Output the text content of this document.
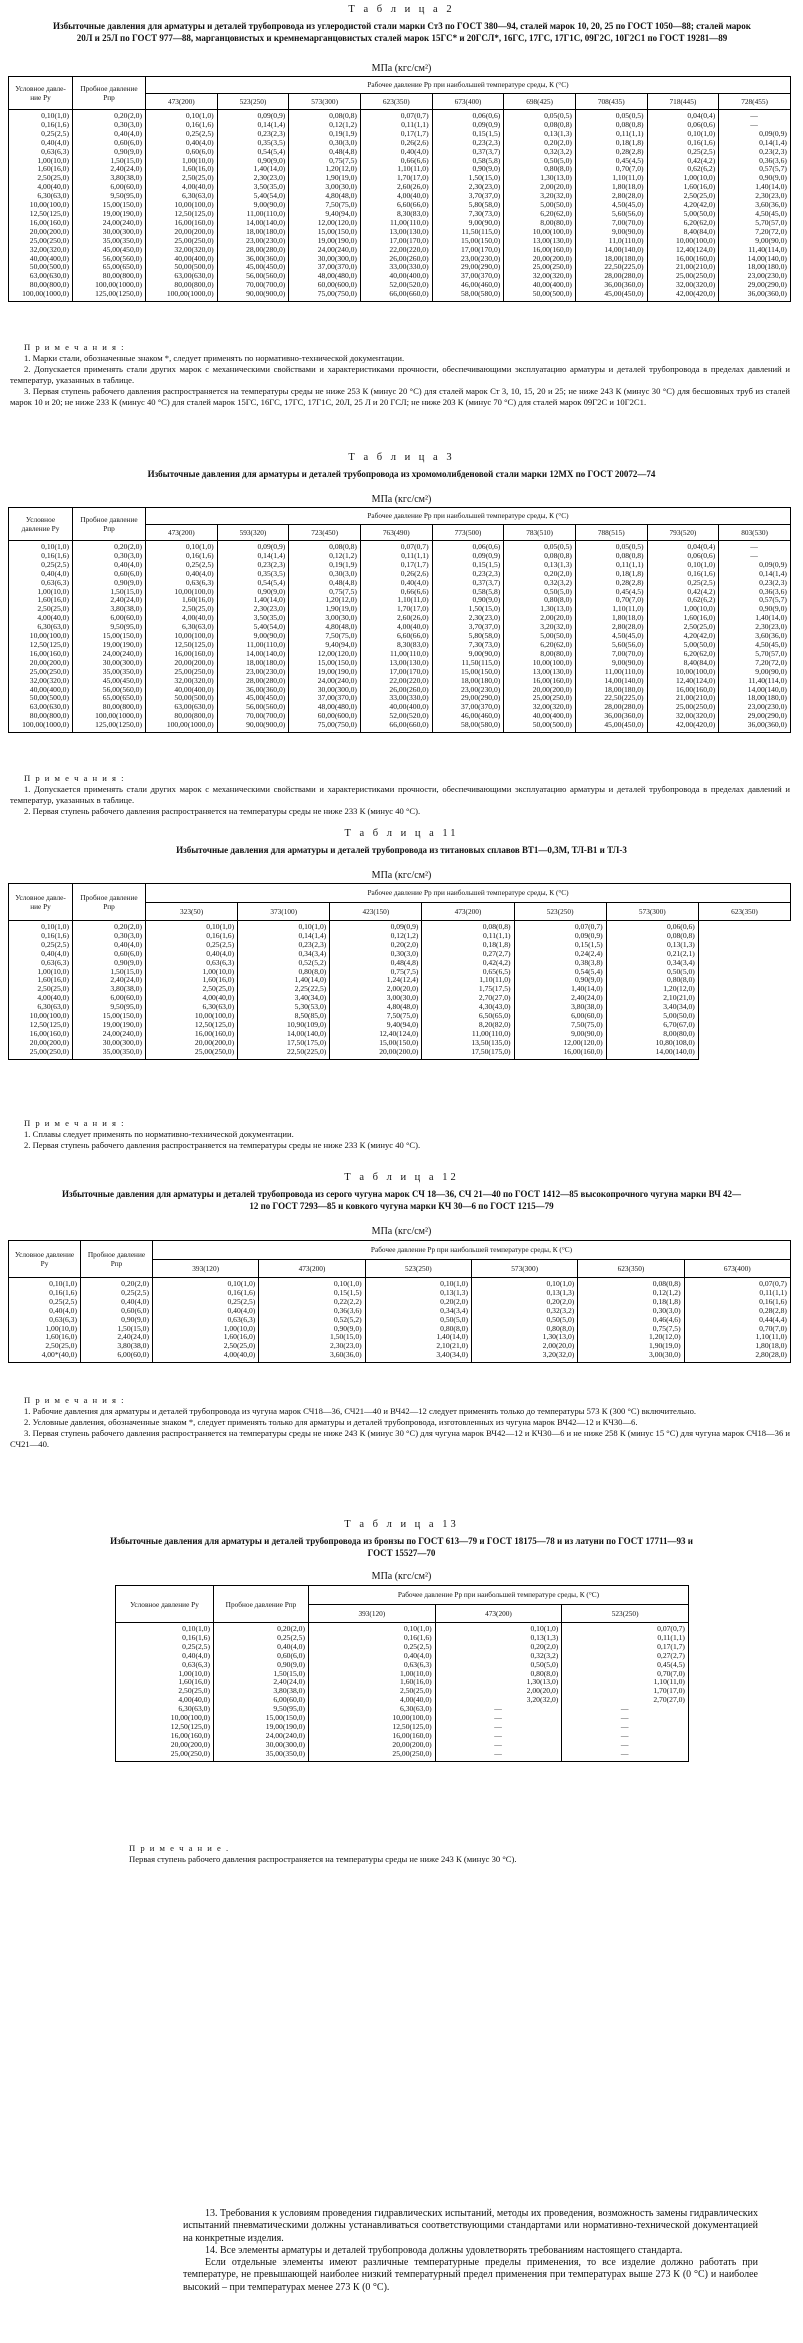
Т а б л и ц а 2
Избыточные давления для арматуры и деталей трубопровода из углеродистой стали марки Ст3 по ГОСТ 380—94, сталей марок 10, 20, 25 по ГОСТ 1050—88; сталей марок 20Л и 25Л по ГОСТ 977—88, марганцовистых и кремнемарганцовистых сталей марок 15ГС* и 20ГСЛ*, 16ГС, 17ГС, 17Г1С, 09Г2С, 10Г2С1 по ГОСТ 19281—89
МПа (кгс/см²)
Условное давле-ние Pу	Пробное давление Pпр	Рабочее давление Pр при наибольшей температуре среды, К (°С)								
		473(200)	523(250)	573(300)	623(350)	673(400)	698(425)	708(435)	718(445)	728(455)
0,10(1,0)	0,20(2,0)	0,10(1,0)	0,09(0,9)	0,08(0,8)	0,07(0,7)	0,06(0,6)	0,05(0,5)	0,05(0,5)	0,04(0,4)	—
0,16(1,6)	0,30(3,0)	0,16(1,6)	0,14(1,4)	0,12(1,2)	0,11(1,1)	0,09(0,9)	0,08(0,8)	0,08(0,8)	0,06(0,6)	—
0,25(2,5)	0,40(4,0)	0,25(2,5)	0,23(2,3)	0,19(1,9)	0,17(1,7)	0,15(1,5)	0,13(1,3)	0,11(1,1)	0,10(1,0)	0,09(0,9)
0,40(4,0)	0,60(6,0)	0,40(4,0)	0,35(3,5)	0,30(3,0)	0,26(2,6)	0,23(2,3)	0,20(2,0)	0,18(1,8)	0,16(1,6)	0,14(1,4)
0,63(6,3)	0,90(9,0)	0,60(6,0)	0,54(5,4)	0,48(4,8)	0,40(4,0)	0,37(3,7)	0,32(3,2)	0,28(2,8)	0,25(2,5)	0,23(2,3)
1,00(10,0)	1,50(15,0)	1,00(10,0)	0,90(9,0)	0,75(7,5)	0,66(6,6)	0,58(5,8)	0,50(5,0)	0,45(4,5)	0,42(4,2)	0,36(3,6)
1,60(16,0)	2,40(24,0)	1,60(16,0)	1,40(14,0)	1,20(12,0)	1,10(11,0)	0,90(9,0)	0,80(8,0)	0,70(7,0)	0,62(6,2)	0,57(5,7)
2,50(25,0)	3,80(38,0)	2,50(25,0)	2,30(23,0)	1,90(19,0)	1,70(17,0)	1,50(15,0)	1,30(13,0)	1,10(11,0)	1,00(10,0)	0,90(9,0)
4,00(40,0)	6,00(60,0)	4,00(40,0)	3,50(35,0)	3,00(30,0)	2,60(26,0)	2,30(23,0)	2,00(20,0)	1,80(18,0)	1,60(16,0)	1,40(14,0)
6,30(63,0)	9,50(95,0)	6,30(63,0)	5,40(54,0)	4,80(48,0)	4,00(40,0)	3,70(37,0)	3,20(32,0)	2,80(28,0)	2,50(25,0)	2,30(23,0)
10,00(100,0)	15,00(150,0)	10,00(100,0)	9,00(90,0)	7,50(75,0)	6,60(66,0)	5,80(58,0)	5,00(50,0)	4,50(45,0)	4,20(42,0)	3,60(36,0)
12,50(125,0)	19,00(190,0)	12,50(125,0)	11,00(110,0)	9,40(94,0)	8,30(83,0)	7,30(73,0)	6,20(62,0)	5,60(56,0)	5,00(50,0)	4,50(45,0)
16,00(160,0)	24,00(240,0)	16,00(160,0)	14,00(140,0)	12,00(120,0)	11,00(110,0)	9,00(90,0)	8,00(80,0)	7,00(70,0)	6,20(62,0)	5,70(57,0)
20,00(200,0)	30,00(300,0)	20,00(200,0)	18,00(180,0)	15,00(150,0)	13,00(130,0)	11,50(115,0)	10,00(100,0)	9,00(90,0)	8,40(84,0)	7,20(72,0)
25,00(250,0)	35,00(350,0)	25,00(250,0)	23,00(230,0)	19,00(190,0)	17,00(170,0)	15,00(150,0)	13,00(130,0)	11,0(110,0)	10,00(100,0)	9,00(90,0)
32,00(320,0)	45,00(450,0)	32,00(320,0)	28,00(280,0)	24,00(240,0)	22,00(220,0)	17,00(170,0)	16,00(160,0)	14,00(140,0)	12,40(124,0)	11,40(114,0)
40,00(400,0)	56,00(560,0)	40,00(400,0)	36,00(360,0)	30,00(300,0)	26,00(260,0)	23,00(230,0)	20,00(200,0)	18,00(180,0)	16,00(160,0)	14,00(140,0)
50,00(500,0)	65,00(650,0)	50,00(500,0)	45,00(450,0)	37,00(370,0)	33,00(330,0)	29,00(290,0)	25,00(250,0)	22,50(225,0)	21,00(210,0)	18,00(180,0)
63,00(630,0)	80,00(800,0)	63,00(630,0)	56,00(560,0)	48,00(480,0)	40,00(400,0)	37,00(370,0)	32,00(320,0)	28,00(280,0)	25,00(250,0)	23,00(230,0)
80,00(800,0)	100,00(1000,0)	80,00(800,0)	70,00(700,0)	60,00(600,0)	52,00(520,0)	46,00(460,0)	40,00(400,0)	36,00(360,0)	32,00(320,0)	29,00(290,0)
100,00(1000,0)	125,00(1250,0)	100,00(1000,0)	90,00(900,0)	75,00(750,0)	66,00(660,0)	58,00(580,0)	50,00(500,0)	45,00(450,0)	42,00(420,0)	36,00(360,0)

П р и м е ч а н и я :

1. Марки стали, обозначенные знаком *, следует применять по нормативно-технической документации.

2. Допускается применять стали других марок с механическими свойствами и характеристиками прочности, обеспечивающими эксплуатацию арматуры и деталей трубопровода в пределах давлений и температур, указанных в таблице.

3. Первая ступень рабочего давления распространяется на температуры среды не ниже 253 К (минус 20 °С) для сталей марок Ст 3, 10, 15, 20 и 25; не ниже 243 К (минус 30 °С) для бесшовных труб из сталей марок 10 и 20; не ниже 233 К (минус 40 °С) для сталей марок 15ГС, 16ГС, 17ГС, 17Г1С, 20Л, 25 Л и 20 ГСЛ; не ниже 203 К (минус 70 °С) для сталей марок 09Г2С и 10Г2С1.

Т а б л и ц а 3
Избыточные давления для арматуры и деталей трубопровода из хромомолибденовой стали марки 12МХ по ГОСТ 20072—74
МПа (кгс/см²)
Условное давление Pу	Пробное давление Pпр	Рабочее давление Pр при наибольшей температуре среды, К (°С)								
		473(200)	593(320)	723(450)	763(490)	773(500)	783(510)	788(515)	793(520)	803(530)
0,10(1,0)	0,20(2,0)	0,10(1,0)	0,09(0,9)	0,08(0,8)	0,07(0,7)	0,06(0,6)	0,05(0,5)	0,05(0,5)	0,04(0,4)	—
0,16(1,6)	0,30(3,0)	0,16(1,6)	0,14(1,4)	0,12(1,2)	0,11(1,1)	0,09(0,9)	0,08(0,8)	0,08(0,8)	0,06(0,6)	—
0,25(2,5)	0,40(4,0)	0,25(2,5)	0,23(2,3)	0,19(1,9)	0,17(1,7)	0,15(1,5)	0,13(1,3)	0,11(1,1)	0,10(1,0)	0,09(0,9)
0,40(4,0)	0,60(6,0)	0,40(4,0)	0,35(3,5)	0,30(3,0)	0,26(2,6)	0,23(2,3)	0,20(2,0)	0,18(1,8)	0,16(1,6)	0,14(1,4)
0,63(6,3)	0,90(9,0)	0,63(6,3)	0,54(5,4)	0,48(4,8)	0,40(4,0)	0,37(3,7)	0,32(3,2)	0,28(2,8)	0,25(2,5)	0,23(2,3)
1,00(10,0)	1,50(15,0)	10,00(100,0)	0,90(9,0)	0,75(7,5)	0,66(6,6)	0,58(5,8)	0,50(5,0)	0,45(4,5)	0,42(4,2)	0,36(3,6)
1,60(16,0)	2,40(24,0)	1,60(16,0)	1,40(14,0)	1,20(12,0)	1,10(11,0)	0,90(9,0)	0,80(8,0)	0,70(7,0)	0,62(6,2)	0,57(5,7)
2,50(25,0)	3,80(38,0)	2,50(25,0)	2,30(23,0)	1,90(19,0)	1,70(17,0)	1,50(15,0)	1,30(13,0)	1,10(11,0)	1,00(10,0)	0,90(9,0)
4,00(40,0)	6,00(60,0)	4,00(40,0)	3,50(35,0)	3,00(30,0)	2,60(26,0)	2,30(23,0)	2,00(20,0)	1,80(18,0)	1,60(16,0)	1,40(14,0)
6,30(63,0)	9,50(95,0)	6,30(63,0)	5,40(54,0)	4,80(48,0)	4,00(40,0)	3,70(37,0)	3,20(32,0)	2,80(28,0)	2,50(25,0)	2,30(23,0)
10,00(100,0)	15,00(150,0)	10,00(100,0)	9,00(90,0)	7,50(75,0)	6,60(66,0)	5,80(58,0)	5,00(50,0)	4,50(45,0)	4,20(42,0)	3,60(36,0)
12,50(125,0)	19,00(190,0)	12,50(125,0)	11,00(110,0)	9,40(94,0)	8,30(83,0)	7,30(73,0)	6,20(62,0)	5,60(56,0)	5,00(50,0)	4,50(45,0)
16,00(160,0)	24,00(240,0)	16,00(160,0)	14,00(140,0)	12,00(120,0)	11,00(110,0)	9,00(90,0)	8,00(80,0)	7,00(70,0)	6,20(62,0)	5,70(57,0)
20,00(200,0)	30,00(300,0)	20,00(200,0)	18,00(180,0)	15,00(150,0)	13,00(130,0)	11,50(115,0)	10,00(100,0)	9,00(90,0)	8,40(84,0)	7,20(72,0)
25,00(250,0)	35,00(350,0)	25,00(250,0)	23,00(230,0)	19,00(190,0)	17,00(170,0)	15,00(150,0)	13,00(130,0)	11,00(110,0)	10,00(100,0)	9,00(90,0)
32,00(320,0)	45,00(450,0)	32,00(320,0)	28,00(280,0)	24,00(240,0)	22,00(220,0)	18,00(180,0)	16,00(160,0)	14,00(140,0)	12,40(124,0)	11,40(114,0)
40,00(400,0)	56,00(560,0)	40,00(400,0)	36,00(360,0)	30,00(300,0)	26,00(260,0)	23,00(230,0)	20,00(200,0)	18,00(180,0)	16,00(160,0)	14,00(140,0)
50,00(500,0)	65,00(650,0)	50,00(500,0)	45,00(450,0)	37,00(370,0)	33,00(330,0)	29,00(290,0)	25,00(250,0)	22,50(225,0)	21,00(210,0)	18,00(180,0)
63,00(630,0)	80,00(800,0)	63,00(630,0)	56,00(560,0)	48,00(480,0)	40,00(400,0)	37,00(370,0)	32,00(320,0)	28,00(280,0)	25,00(250,0)	23,00(230,0)
80,00(800,0)	100,00(1000,0)	80,00(800,0)	70,00(700,0)	60,00(600,0)	52,00(520,0)	46,00(460,0)	40,00(400,0)	36,00(360,0)	32,00(320,0)	29,00(290,0)
100,00(1000,0)	125,00(1250,0)	100,00(1000,0)	90,00(900,0)	75,00(750,0)	66,00(660,0)	58,00(580,0)	50,00(500,0)	45,00(450,0)	42,00(420,0)	36,00(360,0)

П р и м е ч а н и я :

1. Допускается применять стали других марок с механическими свойствами и характеристиками прочности, обеспечивающими эксплуатацию арматуры и деталей трубопровода в пределах давлений и температур, указанных в таблице.

2. Первая ступень рабочего давления распространяется на температуры среды не ниже 233 К (минус 40 °С).

Т а б л и ц а 11
Избыточные давления для арматуры и деталей трубопровода из титановых сплавов ВТ1—0,3М, ТЛ-В1 и ТЛ-3
МПа (кгс/см²)
Условное давле-ние Pу	Пробное давление Pпр	Рабочее давление Pр при наибольшей температуре среды, К (°С)						
		323(50)	373(100)	423(150)	473(200)	523(250)	573(300)	623(350)
0,10(1,0)	0,20(2,0)	0,10(1,0)	0,10(1,0)	0,09(0,9)	0,08(0,8)	0,07(0,7)	0,06(0,6)	
0,16(1,6)	0,30(3,0)	0,16(1,6)	0,14(1,4)	0,12(1,2)	0,11(1,1)	0,09(0,9)	0,08(0,8)	
0,25(2,5)	0,40(4,0)	0,25(2,5)	0,23(2,3)	0,20(2,0)	0,18(1,8)	0,15(1,5)	0,13(1,3)	
0,40(4,0)	0,60(6,0)	0,40(4,0)	0,34(3,4)	0,30(3,0)	0,27(2,7)	0,24(2,4)	0,21(2,1)	
0,63(6,3)	0,90(9,0)	0,63(6,3)	0,52(5,2)	0,48(4,8)	0,42(4,2)	0,38(3,8)	0,34(3,4)	
1,00(10,0)	1,50(15,0)	1,00(10,0)	0,80(8,0)	0,75(7,5)	0,65(6,5)	0,54(5,4)	0,50(5,0)	
1,60(16,0)	2,40(24,0)	1,60(16,0)	1,40(14,0)	1,24(12,4)	1,10(11,0)	0,90(9,0)	0,80(8,0)	
2,50(25,0)	3,80(38,0)	2,50(25,0)	2,25(22,5)	2,00(20,0)	1,75(17,5)	1,40(14,0)	1,20(12,0)	
4,00(40,0)	6,00(60,0)	4,00(40,0)	3,40(34,0)	3,00(30,0)	2,70(27,0)	2,40(24,0)	2,10(21,0)	
6,30(63,0)	9,50(95,0)	6,30(63,0)	5,30(53,0)	4,80(48,0)	4,30(43,0)	3,80(38,0)	3,40(34,0)	
10,00(100,0)	15,00(150,0)	10,00(100,0)	8,50(85,0)	7,50(75,0)	6,50(65,0)	6,00(60,0)	5,00(50,0)	
12,50(125,0)	19,00(190,0)	12,50(125,0)	10,90(109,0)	9,40(94,0)	8,20(82,0)	7,50(75,0)	6,70(67,0)	
16,00(160,0)	24,00(240,0)	16,00(160,0)	14,00(140,0)	12,40(124,0)	11,00(110,0)	9,00(90,0)	8,00(80,0)	
20,00(200,0)	30,00(300,0)	20,00(200,0)	17,50(175,0)	15,00(150,0)	13,50(135,0)	12,00(120,0)	10,80(108,0)	
25,00(250,0)	35,00(350,0)	25,00(250,0)	22,50(225,0)	20,00(200,0)	17,50(175,0)	16,00(160,0)	14,00(140,0)	

П р и м е ч а н и я :

1. Сплавы следует применять по нормативно-технической документации.

2. Первая ступень рабочего давления распространяется на температуры среды не ниже 233 К (минус 40 °С).

Т а б л и ц а 12
Избыточные давления для арматуры и деталей трубопровода из серого чугуна марок СЧ 18—36, СЧ 21—40 по ГОСТ 1412—85 высокопрочного чугуна марки ВЧ 42—12 по ГОСТ 7293—85 и ковкого чугуна марки КЧ 30—6 по ГОСТ 1215—79
МПа (кгс/см²)
Условное давление Pу	Пробное давление Pпр	Рабочее давление Pр при наибольшей температуре среды, К (°С)					
		393(120)	473(200)	523(250)	573(300)	623(350)	673(400)
0,10(1,0)	0,20(2,0)	0,10(1,0)	0,10(1,0)	0,10(1,0)	0,10(1,0)	0,08(0,8)	0,07(0,7)
0,16(1,6)	0,25(2,5)	0,16(1,6)	0,15(1,5)	0,13(1,3)	0,13(1,3)	0,12(1,2)	0,11(1,1)
0,25(2,5)	0,40(4,0)	0,25(2,5)	0,22(2,2)	0,20(2,0)	0,20(2,0)	0,18(1,8)	0,16(1,6)
0,40(4,0)	0,60(6,0)	0,40(4,0)	0,36(3,6)	0,34(3,4)	0,32(3,2)	0,30(3,0)	0,28(2,8)
0,63(6,3)	0,90(9,0)	0,63(6,3)	0,52(5,2)	0,50(5,0)	0,50(5,0)	0,46(4,6)	0,44(4,4)
1,00(10,0)	1,50(15,0)	1,00(10,0)	0,90(9,0)	0,80(8,0)	0,80(8,0)	0,75(7,5)	0,70(7,0)
1,60(16,0)	2,40(24,0)	1,60(16,0)	1,50(15,0)	1,40(14,0)	1,30(13,0)	1,20(12,0)	1,10(11,0)
2,50(25,0)	3,80(38,0)	2,50(25,0)	2,30(23,0)	2,10(21,0)	2,00(20,0)	1,90(19,0)	1,80(18,0)
4,00*(40,0)	6,00(60,0)	4,00(40,0)	3,60(36,0)	3,40(34,0)	3,20(32,0)	3,00(30,0)	2,80(28,0)

П р и м е ч а н и я :

1. Рабочие давления для арматуры и деталей трубопровода из чугуна марок СЧ18—36, СЧ21—40 и ВЧ42—12 следует применять только до температуры 573 К (300 °С) включительно.

2. Условные давления, обозначенные знаком *, следует применять только для арматуры и деталей трубопровода, изготовленных из чугуна марок ВЧ42—12 и КЧ30—6.

3. Первая ступень рабочего давления распространяется на температуры среды не ниже 243 К (минус 30 °С) для чугуна марок ВЧ42—12 и КЧ30—6 и не ниже 258 К (минус 15 °С) для чугуна марок СЧ18—36 и СЧ21—40.

Т а б л и ц а 13
Избыточные давления для арматуры и деталей трубопровода из бронзы по ГОСТ 613—79 и ГОСТ 18175—78 и из латуни по ГОСТ 17711—93 и ГОСТ 15527—70
МПа (кгс/см²)
Условное давление Pу	Пробное давление Pпр	Рабочее давление Pр при наибольшей температуре среды, К (°С)		
		393(120)	473(200)	523(250)
0,10(1,0)	0,20(2,0)	0,10(1,0)	0,10(1,0)	0,07(0,7)
0,16(1,6)	0,25(2,5)	0,16(1,6)	0,13(1,3)	0,11(1,1)
0,25(2,5)	0,40(4,0)	0,25(2,5)	0,20(2,0)	0,17(1,7)
0,40(4,0)	0,60(6,0)	0,40(4,0)	0,32(3,2)	0,27(2,7)
0,63(6,3)	0,90(9,0)	0,63(6,3)	0,50(5,0)	0,45(4,5)
1,00(10,0)	1,50(15,0)	1,00(10,0)	0,80(8,0)	0,70(7,0)
1,60(16,0)	2,40(24,0)	1,60(16,0)	1,30(13,0)	1,10(11,0)
2,50(25,0)	3,80(38,0)	2,50(25,0)	2,00(20,0)	1,70(17,0)
4,00(40,0)	6,00(60,0)	4,00(40,0)	3,20(32,0)	2,70(27,0)
6,30(63,0)	9,50(95,0)	6,30(63,0)	—	—
10,00(100,0)	15,00(150,0)	10,00(100,0)	—	—
12,50(125,0)	19,00(190,0)	12,50(125,0)	—	—
16,00(160,0)	24,00(240,0)	16,00(160,0)	—	—
20,00(200,0)	30,00(300,0)	20,00(200,0)	—	—
25,00(250,0)	35,00(350,0)	25,00(250,0)	—	—

П р и м е ч а н и е .

Первая ступень рабочего давления распространяется на температуры среды не ниже 243 К (минус 30 °С).

13. Требования к условиям проведения гидравлических испытаний, методы их проведения, возможность замены гидравлических испытаний пневматическими должны устанавливаться соответствующими стандартами или нормативно-технической документацией на конкретные изделия.

14. Все элементы арматуры и деталей трубопровода должны удовлетворять требованиям настоящего стандарта.

Если отдельные элементы имеют различные температурные пределы применения, то все изделие должно работать при температуре, не превышающей наиболее низкий температурный предел применения при температурах выше 273 К (0 °С) и наиболее высокий – при температурах менее 273 К (0 °С).
